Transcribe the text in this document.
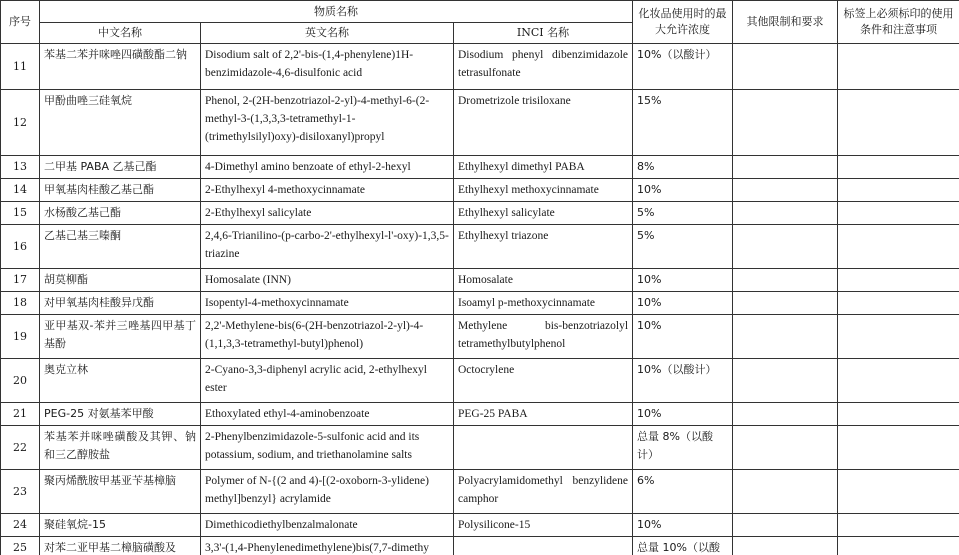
序号	物质名称			化妆品使用时的最大允许浓度	其他限制和要求	标签上必须标印的使用条件和注意事项
	中文名称	英文名称	INCI 名称			
11	苯基二苯并咪唑四磺酸酯二钠	Disodium salt of 2,2'-bis-(1,4-phenylene)1H-benzimidazole-4,6-disulfonic acid	Disodium phenyl dibenzimidazole tetrasulfonate	10%（以酸计）		
12	甲酚曲唑三硅氧烷	Phenol, 2-(2H-benzotriazol-2-yl)-4-methyl-6-(2-methyl-3-(1,3,3,3-tetramethyl-1-(trimethylsilyl)oxy)-disiloxanyl)propyl	Drometrizole trisiloxane	15%		
13	二甲基 PABA 乙基己酯	4-Dimethyl amino benzoate of ethyl-2-hexyl	Ethylhexyl dimethyl PABA	8%		
14	甲氧基肉桂酸乙基己酯	2-Ethylhexyl 4-methoxycinnamate	Ethylhexyl methoxycinnamate	10%		
15	水杨酸乙基己酯	2-Ethylhexyl salicylate	Ethylhexyl salicylate	5%		
16	乙基己基三嗪酮	2,4,6-Trianilino-(p-carbo-2'-ethylhexyl-l'-oxy)-1,3,5-triazine	Ethylhexyl triazone	5%		
17	胡莫柳酯	Homosalate (INN)	Homosalate	10%		
18	对甲氧基肉桂酸异戊酯	Isopentyl-4-methoxycinnamate	Isoamyl p-methoxycinnamate	10%		
19	亚甲基双-苯并三唑基四甲基丁基酚	2,2'-Methylene-bis(6-(2H-benzotriazol-2-yl)-4-(1,1,3,3-tetramethyl-butyl)phenol)	Methylene bis-benzotriazolyl tetramethylbutylphenol	10%		
20	奥克立林	2-Cyano-3,3-diphenyl acrylic acid, 2-ethylhexyl ester	Octocrylene	10%（以酸计）		
21	PEG-25 对氨基苯甲酸	Ethoxylated ethyl-4-aminobenzoate	PEG-25 PABA	10%		
22	苯基苯并咪唑磺酸及其钾、钠和三乙醇胺盐	2-Phenylbenzimidazole-5-sulfonic acid and its potassium, sodium, and triethanolamine salts		总量 8%（以酸计）		
23	聚丙烯酰胺甲基亚苄基樟脑	Polymer of N-{(2 and 4)-[(2-oxoborn-3-ylidene) methyl]benzyl} acrylamide	Polyacrylamidomethyl benzylidene camphor	6%		
24	聚硅氧烷-15	Dimethicodiethylbenzalmalonate	Polysilicone-15	10%		
25	对苯二亚甲基二樟脑磺酸及	3,3'-(1,4-Phenylenedimethylene)bis(7,7-dimethy		总量 10%（以酸		
